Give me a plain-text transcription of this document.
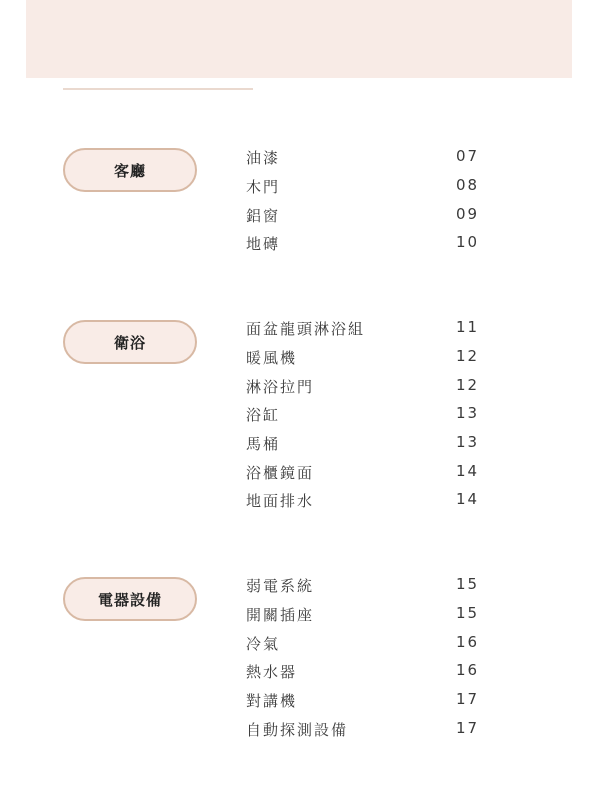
客廳
油漆	07
木門	08
鋁窗	09
地磚	10
衛浴
面盆龍頭淋浴組	11
暖風機	12
淋浴拉門	12
浴缸	13
馬桶	13
浴櫃鏡面	14
地面排水	14
電器設備
弱電系統	15
開關插座	15
冷氣	16
熱水器	16
對講機	17
自動探測設備	17
